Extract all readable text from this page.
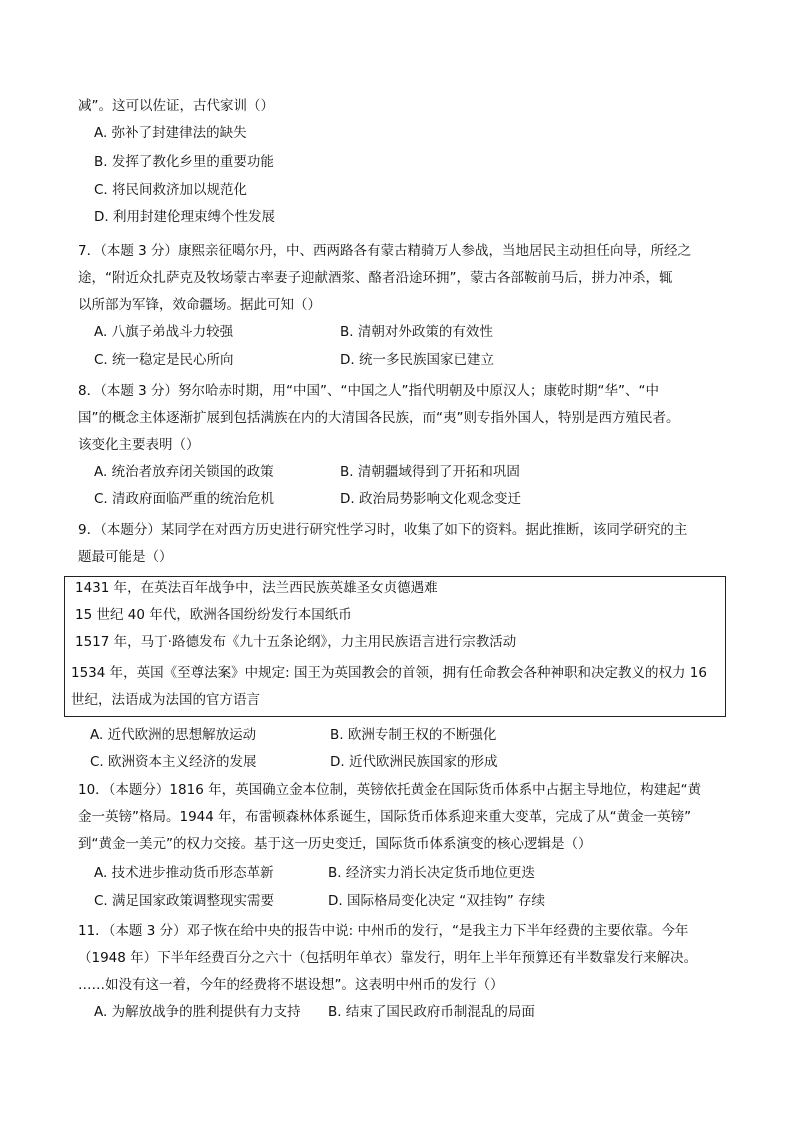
减”。这可以佐证，古代家训（）
A. 弥补了封建律法的缺失
B. 发挥了教化乡里的重要功能
C. 将民间救济加以规范化
D. 利用封建伦理束缚个性发展
7．（本题 3 分）康熙亲征噶尔丹，中、西两路各有蒙古精骑万人参战，当地居民主动担任向导，所经之
途，“附近众扎萨克及牧场蒙古率妻子迎献酒浆、酪者沿途环拥”，蒙古各部鞍前马后，拼力冲杀，辄
以所部为军锋，效命疆场。据此可知（）
A. 八旗子弟战斗力较强	B. 清朝对外政策的有效性
C. 统一稳定是民心所向	D. 统一多民族国家已建立
8．（本题 3 分）努尔哈赤时期，用“中国”、“中国之人”指代明朝及中原汉人；康乾时期“华”、“中
国”的概念主体逐渐扩展到包括满族在内的大清国各民族，而“夷”则专指外国人，特别是西方殖民者。
该变化主要表明（）
A. 统治者放弃闭关锁国的政策	B. 清朝疆域得到了开拓和巩固
C. 清政府面临严重的统治危机	D. 政治局势影响文化观念变迁
9．（本题分）某同学在对西方历史进行研究性学习时，收集了如下的资料。据此推断，该同学研究的主
题最可能是（）
1431 年，在英法百年战争中，法兰西民族英雄圣女贞德遇难
15 世纪 40 年代，欧洲各国纷纷发行本国纸币
1517 年，马丁·路德发布《九十五条论纲》，力主用民族语言进行宗教活动
1534 年，英国《至尊法案》中规定: 国王为英国教会的首领，拥有任命教会各种神职和决定教义的权力 16
世纪，法语成为法国的官方语言
A. 近代欧洲的思想解放运动	B. 欧洲专制王权的不断强化
C. 欧洲资本主义经济的发展	D. 近代欧洲民族国家的形成
10．（本题分）1816 年，英国确立金本位制，英镑依托黄金在国际货币体系中占据主导地位，构建起“黄
金一英镑”格局。1944 年，布雷顿森林体系诞生，国际货币体系迎来重大变革，完成了从“黄金一英镑”
到“黄金一美元”的权力交接。基于这一历史变迁，国际货币体系演变的核心逻辑是（）
A. 技术进步推动货币形态革新	B. 经济实力消长决定货币地位更迭
C. 满足国家政策调整现实需要	D. 国际格局变化决定 “双挂钩” 存续
11．（本题 3 分）邓子恢在给中央的报告中说: 中州币的发行，“是我主力下半年经费的主要依靠。今年
（1948 年）下半年经费百分之六十（包括明年单衣）靠发行，明年上半年预算还有半数靠发行来解决。
……如没有这一着，今年的经费将不堪设想”。这表明中州币的发行（）
A. 为解放战争的胜利提供有力支持 B. 结束了国民政府币制混乱的局面
